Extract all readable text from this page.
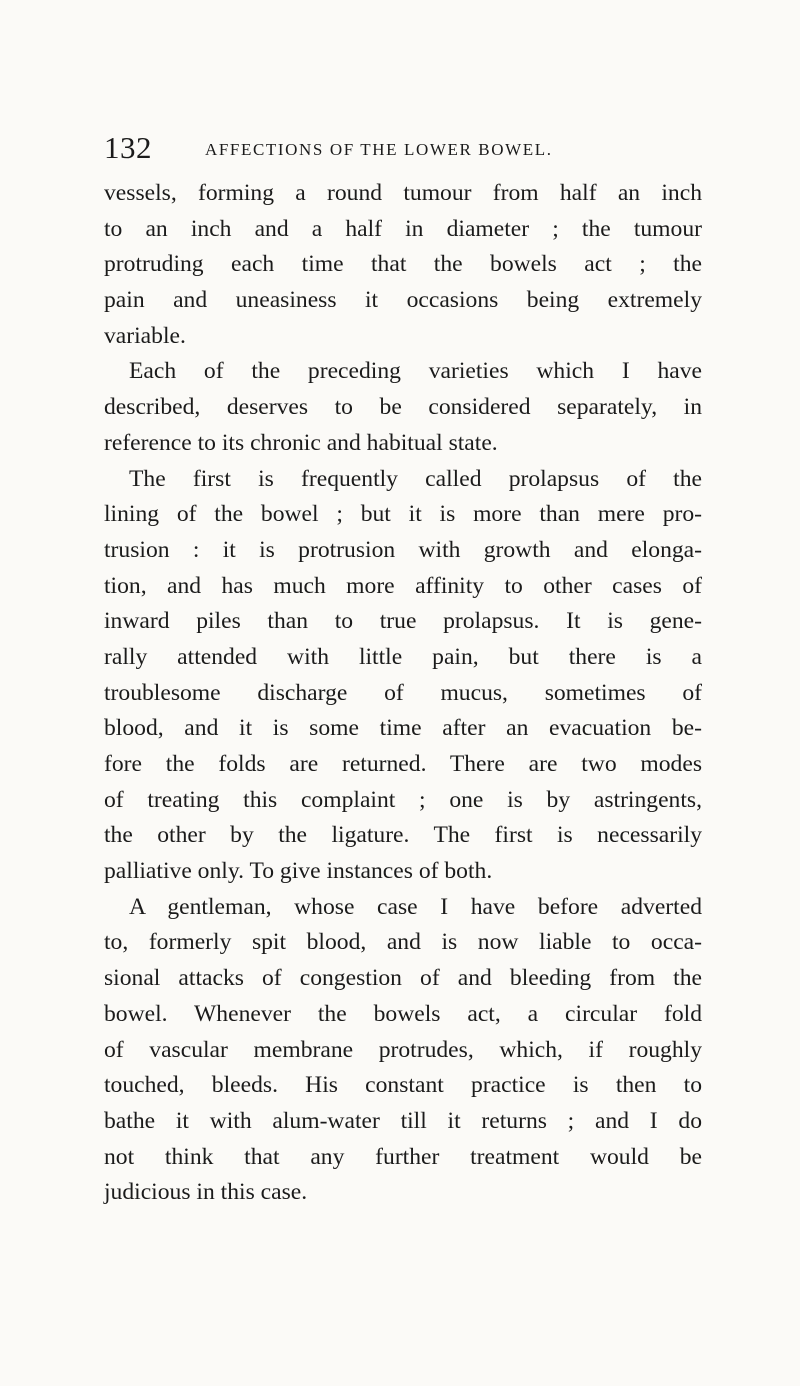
132	AFFECTIONS OF THE LOWER BOWEL.
vessels, forming a round tumour from half an inch
to an inch and a half in diameter ; the tumour
protruding each time that the bowels act ; the
pain and uneasiness it occasions being extremely
variable.
Each of the preceding varieties which I have
described, deserves to be considered separately, in
reference to its chronic and habitual state.
The first is frequently called prolapsus of the
lining of the bowel ; but it is more than mere pro-
trusion : it is protrusion with growth and elonga-
tion, and has much more affinity to other cases of
inward piles than to true prolapsus. It is gene-
rally attended with little pain, but there is a
troublesome discharge of mucus, sometimes of
blood, and it is some time after an evacuation be-
fore the folds are returned. There are two modes
of treating this complaint ; one is by astringents,
the other by the ligature. The first is necessarily
palliative only. To give instances of both.
A gentleman, whose case I have before adverted
to, formerly spit blood, and is now liable to occa-
sional attacks of congestion of and bleeding from the
bowel. Whenever the bowels act, a circular fold
of vascular membrane protrudes, which, if roughly
touched, bleeds. His constant practice is then to
bathe it with alum-water till it returns ; and I do
not think that any further treatment would be
judicious in this case.
